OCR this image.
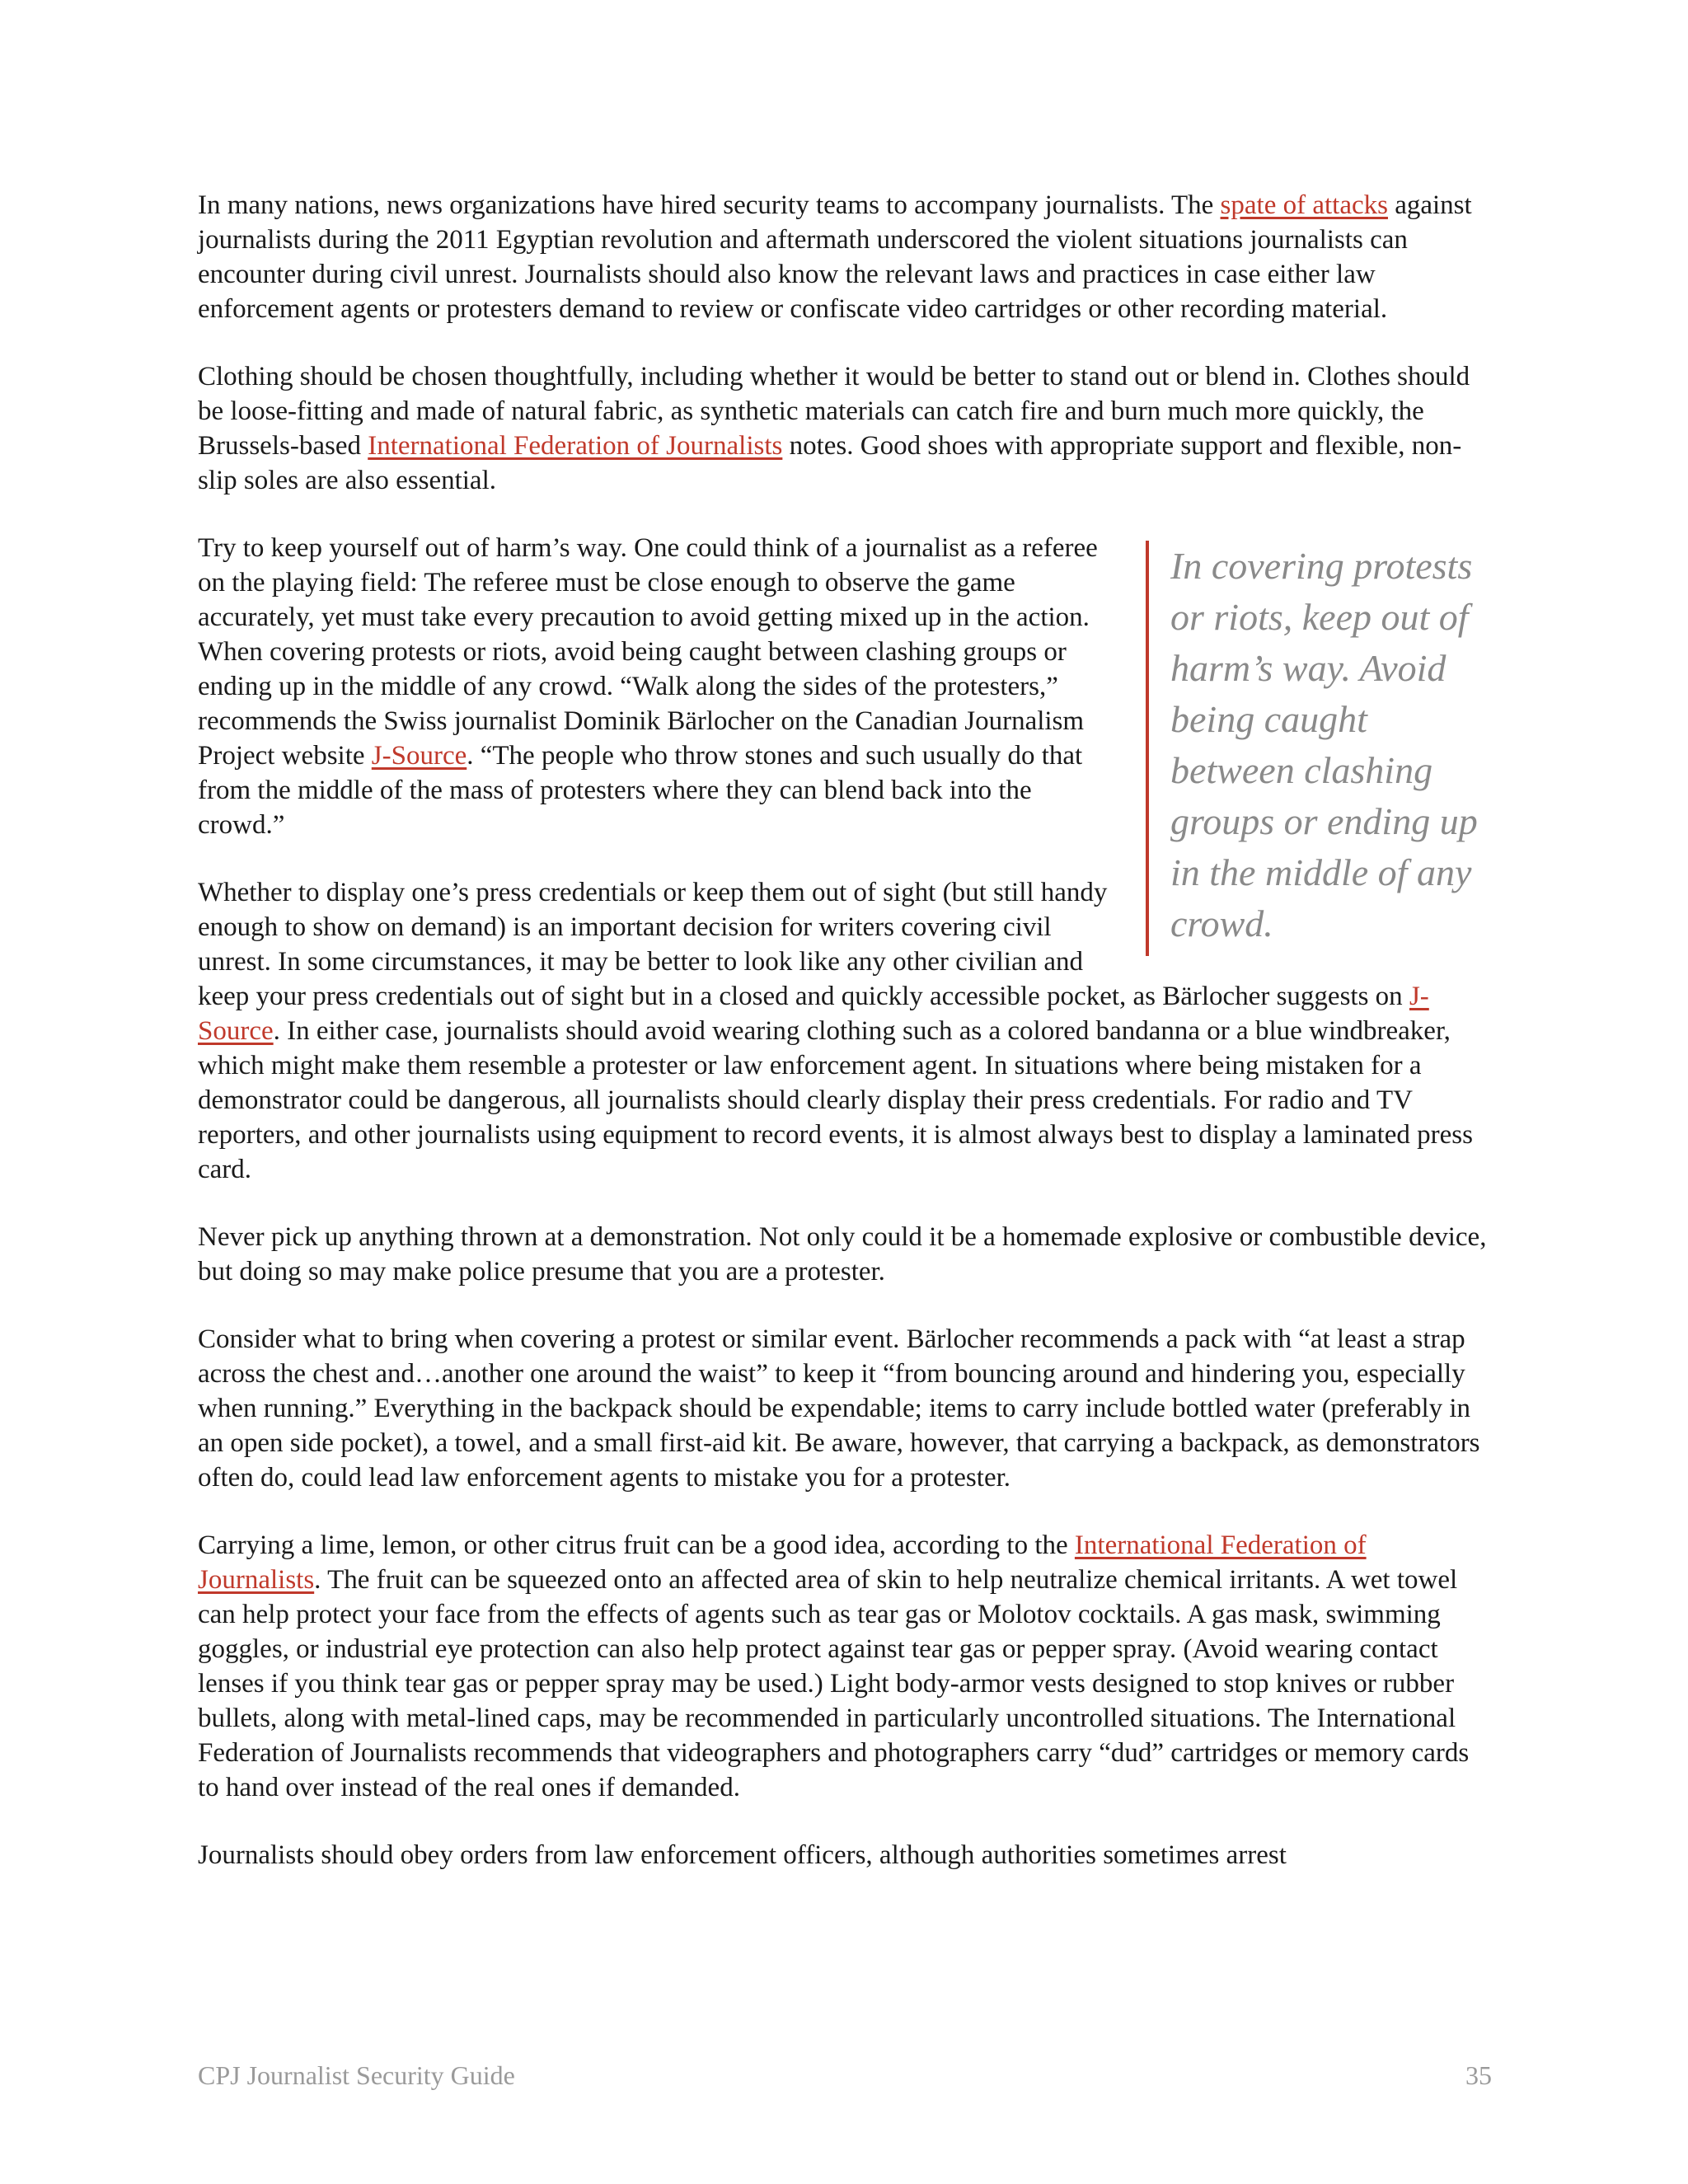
In many nations, news organizations have hired security teams to accompany journalists. The spate of attacks against journalists during the 2011 Egyptian revolution and aftermath underscored the violent situations journalists can encounter during civil unrest. Journalists should also know the relevant laws and practices in case either law enforcement agents or protesters demand to review or confiscate video cartridges or other recording material.

Clothing should be chosen thoughtfully, including whether it would be better to stand out or blend in. Clothes should be loose-fitting and made of natural fabric, as synthetic materials can catch fire and burn much more quickly, the Brussels-based International Federation of Journalists notes. Good shoes with appropriate support and flexible, non-slip soles are also essential.

In covering protests or riots, keep out of harm’s way. Avoid being caught between clashing groups or ending up in the middle of any crowd.

Try to keep yourself out of harm’s way. One could think of a journalist as a referee on the playing field: The referee must be close enough to observe the game accurately, yet must take every precaution to avoid getting mixed up in the action. When covering protests or riots, avoid being caught between clashing groups or ending up in the middle of any crowd. “Walk along the sides of the protesters,” recommends the Swiss journalist Dominik Bärlocher on the Canadian Journalism Project website J-Source. “The people who throw stones and such usually do that from the middle of the mass of protesters where they can blend back into the crowd.”

Whether to display one’s press credentials or keep them out of sight (but still handy enough to show on demand) is an important decision for writers covering civil unrest. In some circumstances, it may be better to look like any other civilian and keep your press credentials out of sight but in a closed and quickly accessible pocket, as Bärlocher suggests on J-Source. In either case, journalists should avoid wearing clothing such as a colored bandanna or a blue windbreaker, which might make them resemble a protester or law enforcement agent. In situations where being mistaken for a demonstrator could be dangerous, all journalists should clearly display their press credentials. For radio and TV reporters, and other journalists using equipment to record events, it is almost always best to display a laminated press card.

Never pick up anything thrown at a demonstration. Not only could it be a homemade explosive or combustible device, but doing so may make police presume that you are a protester.

Consider what to bring when covering a protest or similar event. Bärlocher recommends a pack with “at least a strap across the chest and…another one around the waist” to keep it “from bouncing around and hindering you, especially when running.” Everything in the backpack should be expendable; items to carry include bottled water (preferably in an open side pocket), a towel, and a small first-aid kit. Be aware, however, that carrying a backpack, as demonstrators often do, could lead law enforcement agents to mistake you for a protester.

Carrying a lime, lemon, or other citrus fruit can be a good idea, according to the International Federation of Journalists. The fruit can be squeezed onto an affected area of skin to help neutralize chemical irritants. A wet towel can help protect your face from the effects of agents such as tear gas or Molotov cocktails. A gas mask, swimming goggles, or industrial eye protection can also help protect against tear gas or pepper spray. (Avoid wearing contact lenses if you think tear gas or pepper spray may be used.) Light body-armor vests designed to stop knives or rubber bullets, along with metal-lined caps, may be recommended in particularly uncontrolled situations. The International Federation of Journalists recommends that videographers and photographers carry “dud” cartridges or memory cards to hand over instead of the real ones if demanded.

Journalists should obey orders from law enforcement officers, although authorities sometimes arrest

CPJ Journalist Security Guide	35
